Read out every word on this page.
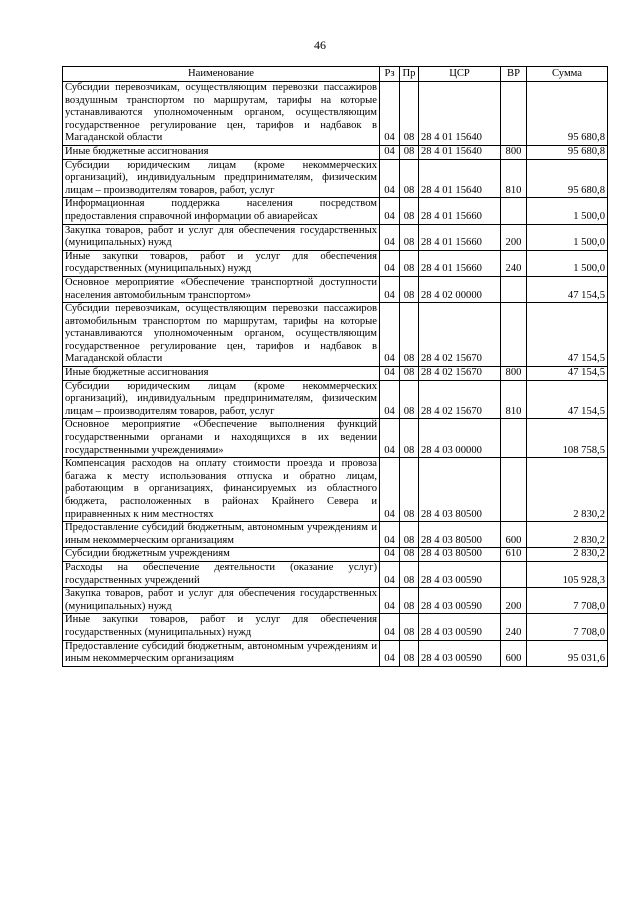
46
Наименование	Рз	Пр	ЦСР	ВР	Сумма
Субсидии перевозчикам, осуществляющим перевозки пассажиров воздушным транспортом по маршрутам, тарифы на которые устанавливаются уполномоченным органом, осуществляющим государственное регулирование цен, тарифов и надбавок в Магаданской области	04	08	28 4 01 15640		95 680,8
Иные бюджетные ассигнования	04	08	28 4 01 15640	800	95 680,8
Субсидии юридическим лицам (кроме некоммерческих организаций), индивидуальным предпринимателям, физическим лицам – производителям товаров, работ, услуг	04	08	28 4 01 15640	810	95 680,8
Информационная поддержка населения посредством предоставления справочной информации об авиарейсах	04	08	28 4 01 15660		1 500,0
Закупка товаров, работ и услуг для обеспечения государственных (муниципальных) нужд	04	08	28 4 01 15660	200	1 500,0
Иные закупки товаров, работ и услуг для обеспечения государственных (муниципальных) нужд	04	08	28 4 01 15660	240	1 500,0
Основное мероприятие «Обеспечение транспортной доступности населения автомобильным транспортом»	04	08	28 4 02 00000		47 154,5
Субсидии перевозчикам, осуществляющим перевозки пассажиров автомобильным транспортом по маршрутам, тарифы на которые устанавливаются уполномоченным органом, осуществляющим государственное регулирование цен, тарифов и надбавок в Магаданской области	04	08	28 4 02 15670		47 154,5
Иные бюджетные ассигнования	04	08	28 4 02 15670	800	47 154,5
Субсидии юридическим лицам (кроме некоммерческих организаций), индивидуальным предпринимателям, физическим лицам – производителям товаров, работ, услуг	04	08	28 4 02 15670	810	47 154,5
Основное мероприятие «Обеспечение выполнения функций государственными органами и находящихся в их ведении государственными учреждениями»	04	08	28 4 03 00000		108 758,5
Компенсация расходов на оплату стоимости проезда и провоза багажа к месту использования отпуска и обратно лицам, работающим в организациях, финансируемых из областного бюджета, расположенных в районах Крайнего Севера и приравненных к ним местностях	04	08	28 4 03 80500		2 830,2
Предоставление субсидий бюджетным, автономным учреждениям и иным некоммерческим организациям	04	08	28 4 03 80500	600	2 830,2
Субсидии бюджетным учреждениям	04	08	28 4 03 80500	610	2 830,2
Расходы на обеспечение деятельности (оказание услуг) государственных учреждений	04	08	28 4 03 00590		105 928,3
Закупка товаров, работ и услуг для обеспечения государственных (муниципальных) нужд	04	08	28 4 03 00590	200	7 708,0
Иные закупки товаров, работ и услуг для обеспечения государственных (муниципальных) нужд	04	08	28 4 03 00590	240	7 708,0
Предоставление субсидий бюджетным, автономным учреждениям и иным некоммерческим организациям	04	08	28 4 03 00590	600	95 031,6
